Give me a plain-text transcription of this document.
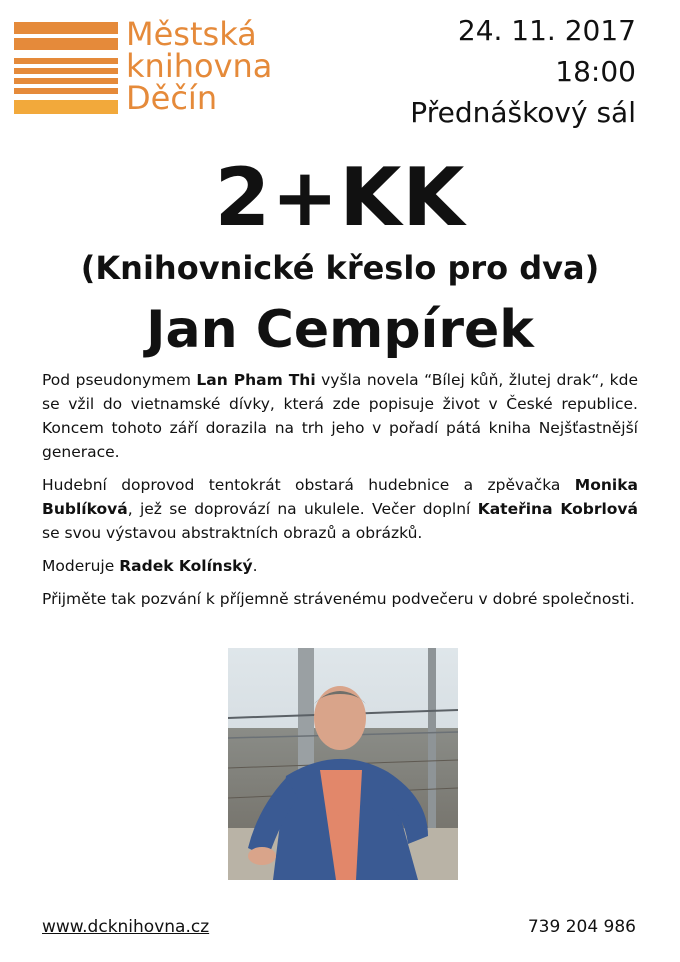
Městská
knihovna
Děčín
24. 11. 2017
18:00
Přednáškový sál
2+KK
(Knihovnické křeslo pro dva)
Jan Cempírek

Pod pseudonymem Lan Pham Thi vyšla novela “Bílej kůň, žlutej drak“, kde se vžil do vietnamské dívky, která zde popisuje život v České republice. Koncem tohoto září dorazila na trh jeho v pořadí pátá kniha Nejšťastnější generace.

Hudební doprovod tentokrát obstará hudebnice a zpěvačka Monika Bublíková, jež se doprovází na ukulele. Večer doplní Kateřina Kobrlová se svou výstavou abstraktních obrazů a obrázků.

Moderuje Radek Kolínský.

Přijměte tak pozvání k příjemně strávenému podvečeru v dobré společnosti.

www.dcknihovna.cz	739 204 986
